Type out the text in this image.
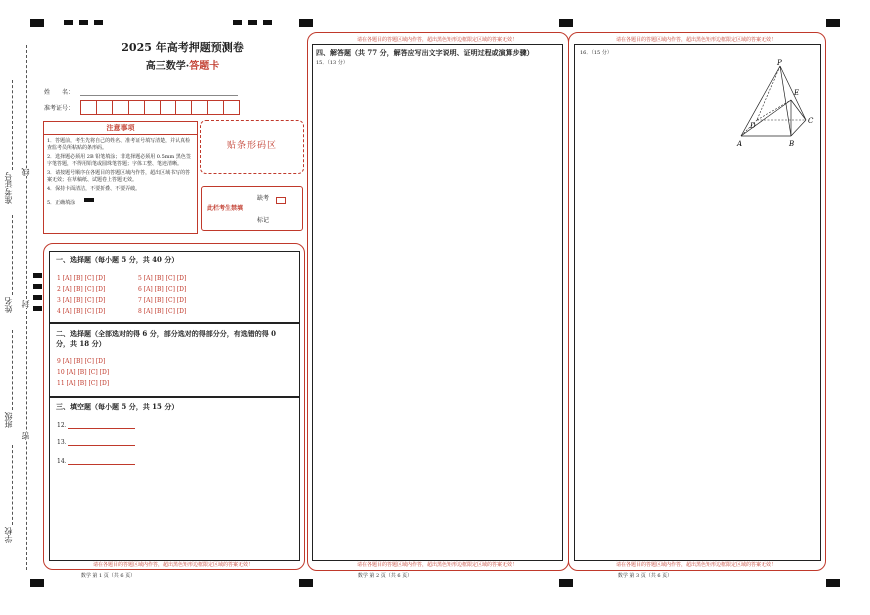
准考证号
姓名
班级
学校
线
封
密
2025 年高考押题预测卷
高三数学·答题卡
姓　　名：
准考证号：
注意事项
1．答题前，考生先将自己的姓名、准考证号填写清楚，并认真检查监考员所粘贴的条形码。
2．选择题必须用 2B 铅笔填涂；非选择题必须用 0.5mm 黑色签字笔答题，不得用铅笔或圆珠笔答题；字体工整、笔迹清晰。
3．请按题号顺序在各题目的答题区域内作答，超出区域书写的答案无效；在草稿纸、试题卷上答题无效。
4．保持卡面清洁，不要折叠、不要弄破。
5．正确填涂
贴条形码区
此栏考生禁填
缺考
标记
一、选择题（每小题 5 分，共 40 分）
1 [A] [B] [C] [D]
2 [A] [B] [C] [D]
3 [A] [B] [C] [D]
4 [A] [B] [C] [D]
5 [A] [B] [C] [D]
6 [A] [B] [C] [D]
7 [A] [B] [C] [D]
8 [A] [B] [C] [D]
二、选择题（全部选对的得 6 分，部分选对的得部分分，有选错的得 0
分，共 18 分）
9 [A] [B] [C] [D]
10 [A] [B] [C] [D]
11 [A] [B] [C] [D]
三、填空题（每小题 5 分，共 15 分）
12．
13．
14．
请在各题目的答题区域内作答，超出黑色矩形边框限定区域的答案无效！
数学 第 1 页（共 6 页）
请在各题目的答题区域内作答，超出黑色矩形边框限定区域的答案无效！
四、解答题（共 77 分，解答应写出文字说明、证明过程或演算步骤）
15．（13 分）
请在各题目的答题区域内作答，超出黑色矩形边框限定区域的答案无效！
数学 第 2 页（共 6 页）
请在各题目的答题区域内作答，超出黑色矩形边框限定区域的答案无效！
16．（15 分）
请在各题目的答题区域内作答，超出黑色矩形边框限定区域的答案无效！
数学 第 3 页（共 6 页）
P
E
C
D
A	B
